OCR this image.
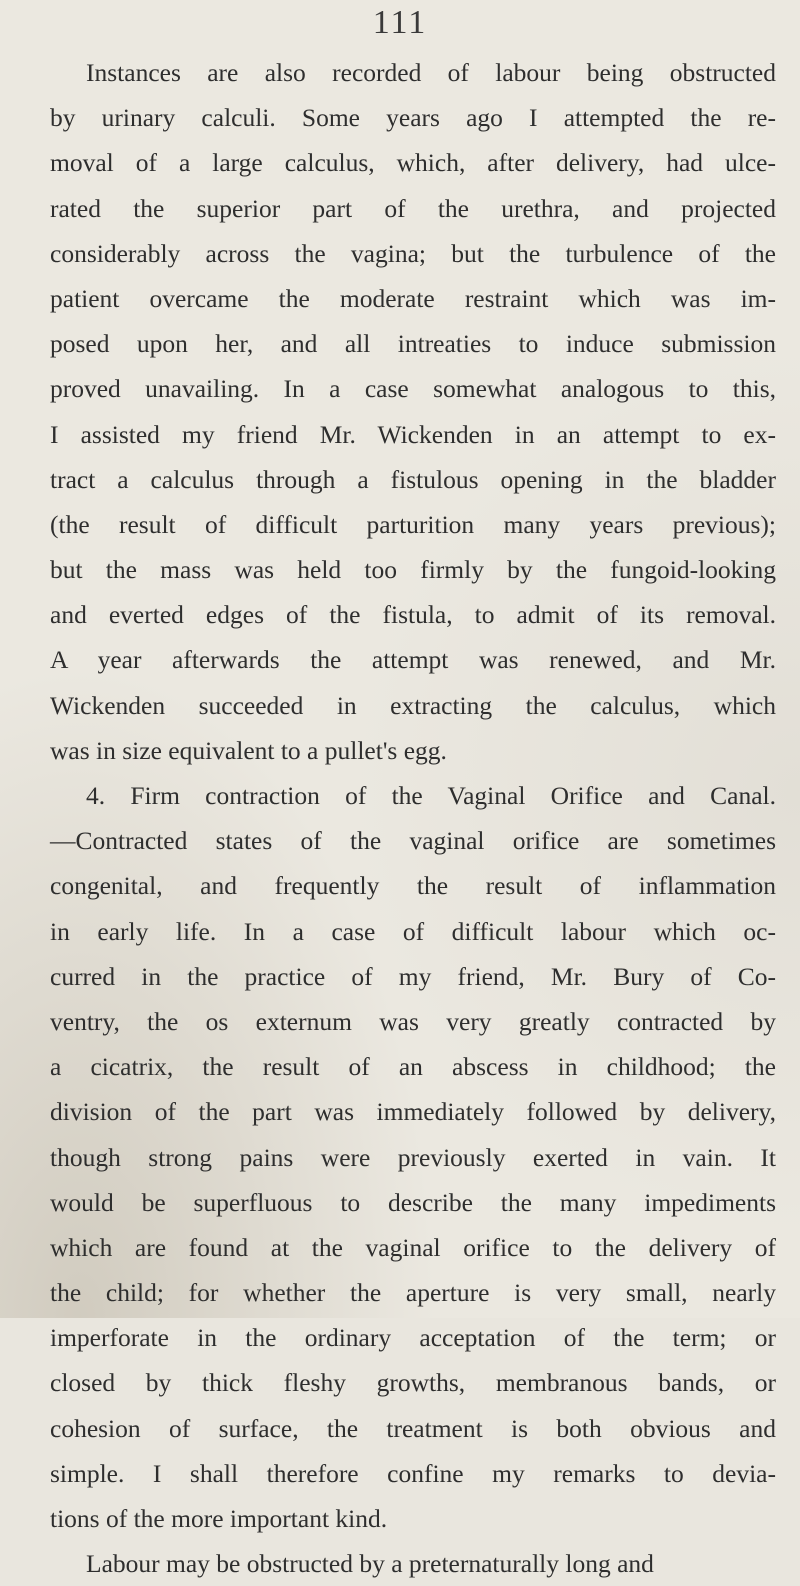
111
Instances are also recorded of labour being obstructed
by urinary calculi. Some years ago I attempted the re-
moval of a large calculus, which, after delivery, had ulce-
rated the superior part of the urethra, and projected
considerably across the vagina; but the turbulence of the
patient overcame the moderate restraint which was im-
posed upon her, and all intreaties to induce submission
proved unavailing. In a case somewhat analogous to this,
I assisted my friend Mr. Wickenden in an attempt to ex-
tract a calculus through a fistulous opening in the bladder
(the result of difficult parturition many years previous);
but the mass was held too firmly by the fungoid-looking
and everted edges of the fistula, to admit of its removal.
A year afterwards the attempt was renewed, and Mr.
Wickenden succeeded in extracting the calculus, which
was in size equivalent to a pullet's egg.
4. Firm contraction of the Vaginal Orifice and Canal.
—Contracted states of the vaginal orifice are sometimes
congenital, and frequently the result of inflammation
in early life. In a case of difficult labour which oc-
curred in the practice of my friend, Mr. Bury of Co-
ventry, the os externum was very greatly contracted by
a cicatrix, the result of an abscess in childhood; the
division of the part was immediately followed by delivery,
though strong pains were previously exerted in vain. It
would be superfluous to describe the many impediments
which are found at the vaginal orifice to the delivery of
the child; for whether the aperture is very small, nearly
imperforate in the ordinary acceptation of the term; or
closed by thick fleshy growths, membranous bands, or
cohesion of surface, the treatment is both obvious and
simple. I shall therefore confine my remarks to devia-
tions of the more important kind.
Labour may be obstructed by a preternaturally long and
